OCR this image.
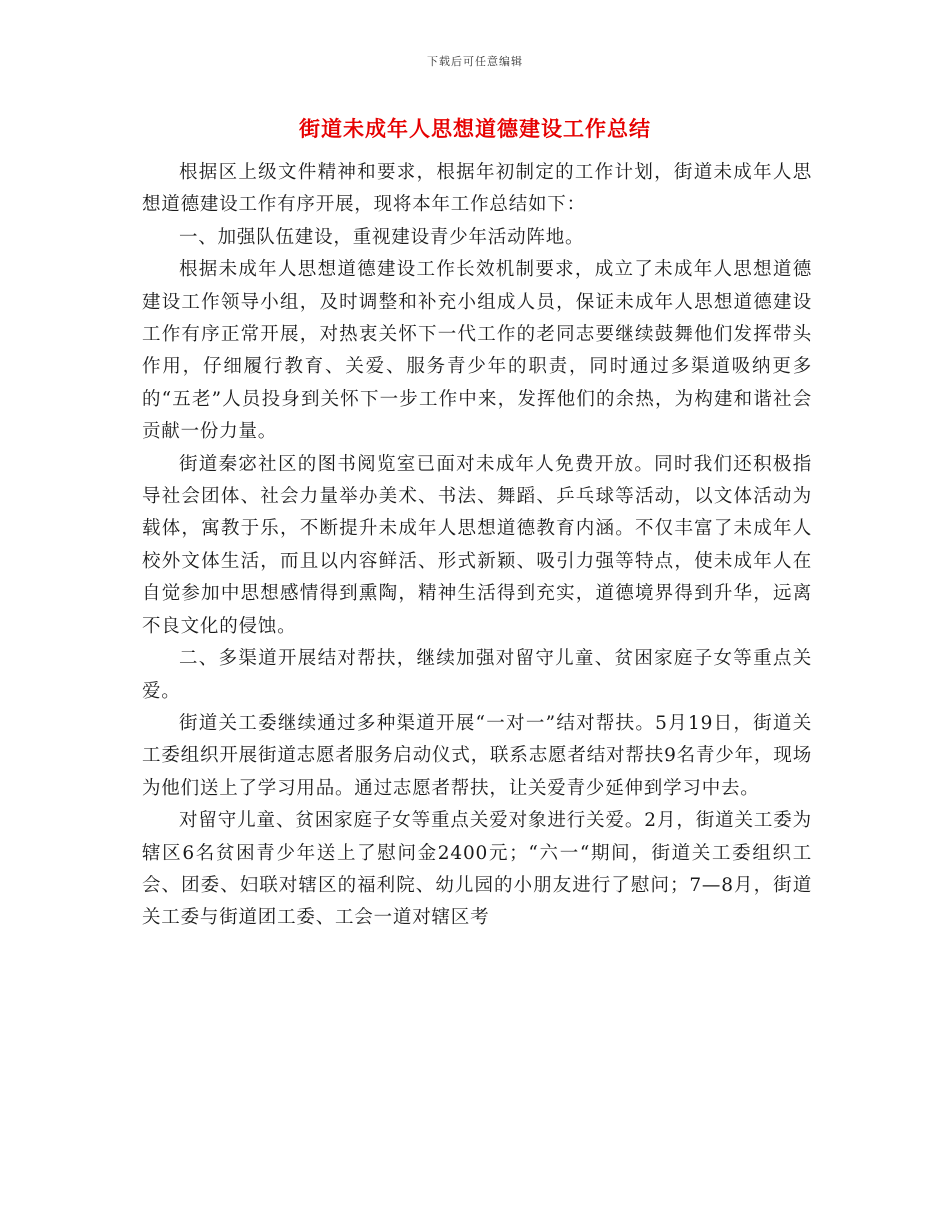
下载后可任意编辑
街道未成年人思想道德建设工作总结

根据区上级文件精神和要求，根据年初制定的工作计划，街道未成年人思想道德建设工作有序开展，现将本年工作总结如下：

一、加强队伍建设，重视建设青少年活动阵地。

根据未成年人思想道德建设工作长效机制要求，成立了未成年人思想道德建设工作领导小组，及时调整和补充小组成人员，保证未成年人思想道德建设工作有序正常开展，对热衷关怀下一代工作的老同志要继续鼓舞他们发挥带头作用，仔细履行教育、关爱、服务青少年的职责，同时通过多渠道吸纳更多的“五老”人员投身到关怀下一步工作中来，发挥他们的余热，为构建和谐社会贡献一份力量。

街道秦宓社区的图书阅览室已面对未成年人免费开放。同时我们还积极指导社会团体、社会力量举办美术、书法、舞蹈、乒乓球等活动，以文体活动为载体，寓教于乐，不断提升未成年人思想道德教育内涵。不仅丰富了未成年人校外文体生活，而且以内容鲜活、形式新颖、吸引力强等特点，使未成年人在自觉参加中思想感情得到熏陶，精神生活得到充实，道德境界得到升华，远离不良文化的侵蚀。

二、多渠道开展结对帮扶，继续加强对留守儿童、贫困家庭子女等重点关爱。

街道关工委继续通过多种渠道开展“一对一”结对帮扶。5月19日，街道关工委组织开展街道志愿者服务启动仪式，联系志愿者结对帮扶9名青少年，现场为他们送上了学习用品。通过志愿者帮扶，让关爱青少延伸到学习中去。

对留守儿童、贫困家庭子女等重点关爱对象进行关爱。2月，街道关工委为辖区6名贫困青少年送上了慰问金2400元；“六一“期间，街道关工委组织工会、团委、妇联对辖区的福利院、幼儿园的小朋友进行了慰问；7—8月，街道关工委与街道团工委、工会一道对辖区考
